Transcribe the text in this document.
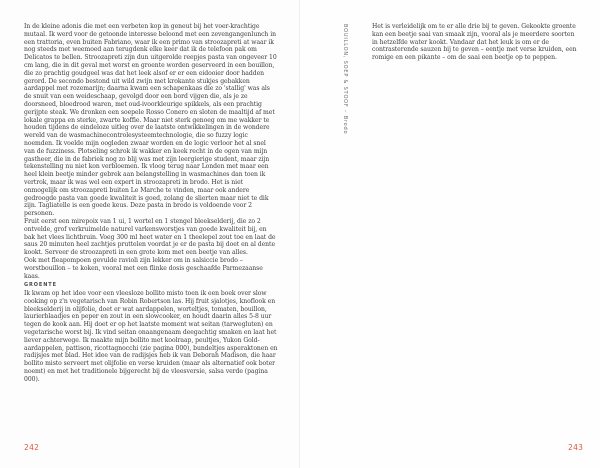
In de kleine adonis die met een verbeten kop in geneut bij het voer-krachtige mutaal. Ik werd voor de getoonde interesse beloond met een zevengangenlunch in een trattoria, even buiten Fabriano, waar ik een primo van stroozapreti at waar ik nog steeds met weemoed aan terugdenk elke keer dat ik de telefoon pak om Delicatos te bellen. Stroozapreti zijn dun uitgerolde reepjes pasta van ongeveer 10 cm lang, die in dit geval met worst en groente worden geserveerd in een bouillon, die zo prachtig goudgeel was dat het leek alsof er er een eidooier door hadden gerord. De secondo bestond uit wild zwijn met krokante stukjes gebakken aardappel met rozemarijn; daarna kwam een schapenkaas die zo 'stallig' was als de snuit van een weideschaap, gevolgd door een bord vijgen die, als je ze doorsneed, bloedrood waren, met oud-ivoorkleurige spikkels, als een prachtig gerijpte steak. We dronken een soepele Rosso Conero en sloten de maaltijd af met lokale grappa en sterke, zwarte koffie. Maar niet sterk genoeg om me wakker te houden tijdens de eindeloze uitleg over de laatste ontwikkelingen in de wondere wereld van de wasmachinecontrolesysteemtechnologie, die so fuzzy logic noemden. Ik voelde mijn oogleden zwaar worden en de logic verloor het al snel van de fuzziness. Plotseling schrok ik wakker en keek recht in de ogen van mijn gastheer, die in de fabriek nog zo blij was met zijn leergierige student, maar zijn tekenstelling nu niet kon verbloemen. Ik vloog terug naar Londen met maar een heel klein beetje minder gebrek aan belangstelling in wasmachines dan toen ik vertrok, maar ik was wel een expert in stroozapreti in brodo. Het is niet onmogelijk om stroozapreti buiten Le Marche te vinden, maar ook andere gedroogde pasta van goede kwaliteit is goed, zolang de slierten maar niet te dik zijn. Tagliatelle is een goede keus. Deze pasta in brodo is voldoende voor 2 personen.

Fruit eerst een mirepoix van 1 ui, 1 wortel en 1 stengel bleekselderij, die zo 2 ontvelde, grof verkruimelde naturel varkensworstjes van goede kwaliteit bij, en bak het vlees lichtbruin. Voeg 300 ml heet water en 1 theelepel zout toe en laat de saus 20 minuten heel zachtjes pruttelen voordat je er de pasta bij doet en al dente kookt. Serveer de stroozapreti in een grote kom met een beetje van alles.

Ook met fleapompoen gevulde ravioli zijn lekker om in salsiccie brodo – worstbouillon – te koken, vooral met een flinke dosis geschaafde Parmezaanse kaas.

GROENTE

Ik kwam op het idee voor een vleesloze bollito misto toen ik een boek over slow cooking op z'n vegetarisch van Robin Robertson las. Hij fruit sjalotjes, knoflook en bleekselderij in olijfolie, doet er wat aardappelen, worteltjes, tomaten, bouillon, laurierblaadjes en peper en zout in een slowcooker, en houdt daarin alles 5-8 uur tegen de kook aan. Hij doet er op het laatste moment wat seitan (tarwegluten) en vegetarische worst bij. Ik vind seitan onaangenaam deegachtig smaken en laat het liever achterwege. Ik maakte mijn bollito met koolraap, peultjes, Yukon Gold-aardappelen, pattison, ricottagnocchi (zie pagina 000), bundeltjes asperaktonen en radijsjes met blad. Het idee van de radijsjes heb ik van Deborah Madison, die haar bollito misto serveert met olijfolie en verse kruiden (maar als alternatief ook boter noemt) en met het traditionele bijgerecht bij de vleesversie, salsa verde (pagina 000).

242
BOUILLON, SOEP & STOOF – Brodo

Het is verleidelijk om te er alle drie bij te geven. Gekookte groente kan een beetje saai van smaak zijn, vooral als je meerdere soorten in hetzelfde water kookt. Vandaar dat het leuk is om er de contrasterende sauzen bij te geven – eentje met verse kruiden, een romige en een pikante – om de saai een beetje op te peppen.

243
